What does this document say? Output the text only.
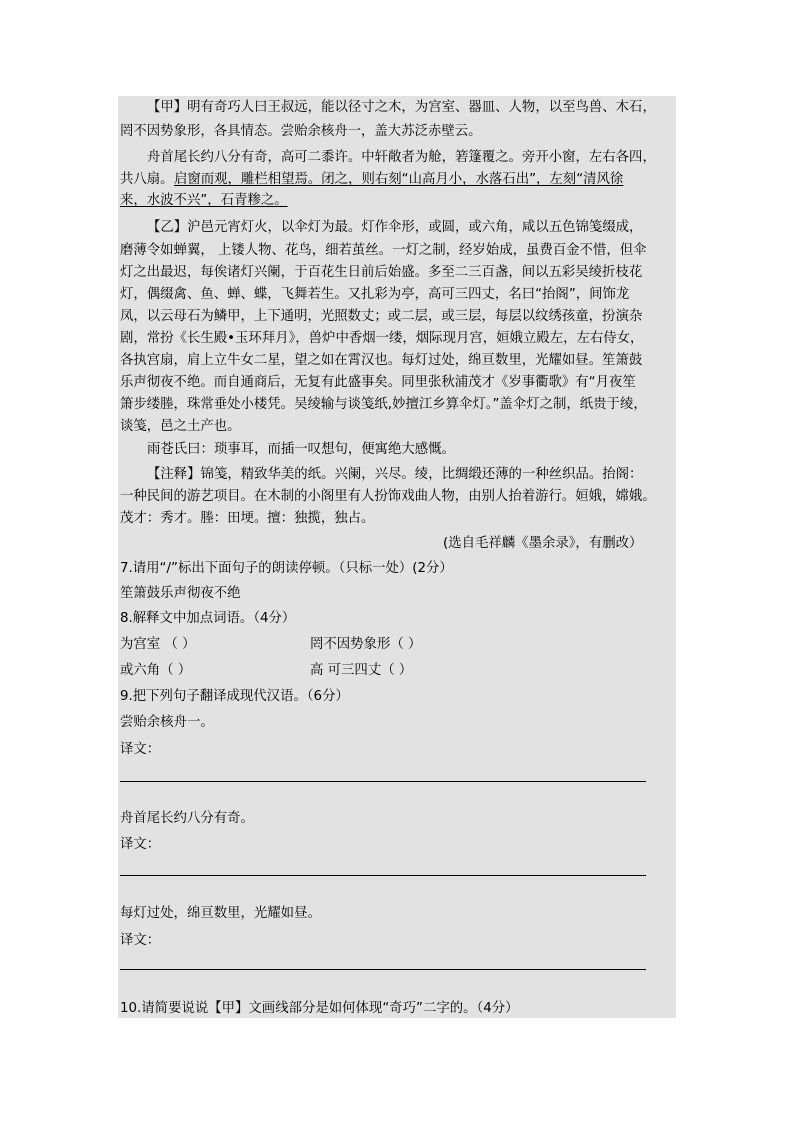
【甲】明有奇巧人曰王叔远，能以径寸之木，为宫室、器皿、人物，以至鸟兽、木石，
罔不因势象形，各具情态。尝贻余核舟一，盖大苏泛赤壁云。
舟首尾长约八分有奇，高可二黍许。中轩敞者为舱，箬篷覆之。旁开小窗，左右各四，
共八扇。 启窗而观，雕栏相望焉。闭之，则右刻“山高月小，水落石出”，左刻“清风徐
来，水波不兴”，石青糁之。
【乙】沪邑元宵灯火，以伞灯为最。灯作伞形，或圆，或六角，咸以五色锦笺缀成，
磨薄令如蝉翼， 上镂人物、花鸟，细若茧丝。一灯之制，经岁始成，虽费百金不惜，但伞
灯之出最迟，每俟诸灯兴阑，于百花生日前后始盛。多至二三百盏，间以五彩吴绫折枝花
灯，偶缀禽、鱼、蝉、蝶，飞舞若生。又扎彩为亭，高可三四丈，名曰“抬阁”，间饰龙
凤，以云母石为鳞甲，上下通明，光照数丈；或二层，或三层，每层以纹绣孩童，扮演杂
剧，常扮《长生殿•玉环拜月》，兽炉中香烟一缕，烟际现月宫，姮娥立殿左，左右侍女，
各执宫扇，肩上立牛女二星，望之如在霄汉也。每灯过处，绵亘数里，光耀如昼。笙箫鼓
乐声彻夜不绝。而自通商后，无复有此盛事矣。同里张秋浦茂才《岁事衢歌》有“月夜笙
箫步缕塍，珠常垂处小楼凭。吴绫输与谈笺纸,妙擅江乡算伞灯。”盖伞灯之制，纸贵于绫，
谈笺，邑之土产也。
雨苍氏曰：琐事耳，而插一叹想句，便寓绝大感慨。
【注释】锦笺，精致华美的纸。兴阑，兴尽。绫，比绸缎还薄的一种丝织品。抬阁：
一种民间的游艺项目。在木制的小阁里有人扮饰戏曲人物，由别人抬着游行。姮娥，嫦娥。
茂才：秀才。塍：田埂。擅：独揽，独占。
(选自毛祥麟《墨余录》，有删改）
7.请用“/”标出下面句子的朗读停顿。（只标一处）(2分）
笙箫鼓乐声彻夜不绝
8.解释文中加点词语。（4分）
为宫室 （ ）	罔不因势象形（ ）
或六角（ ）	高 可三四丈（ ）
9.把下列句子翻译成现代汉语。（6分）
尝贻余核舟一。
译文：
舟首尾长约八分有奇。
译文：
每灯过处，绵亘数里，光耀如昼。
译文：
10.请简要说说【甲】文画线部分是如何体现“奇巧”二字的。（4分）
